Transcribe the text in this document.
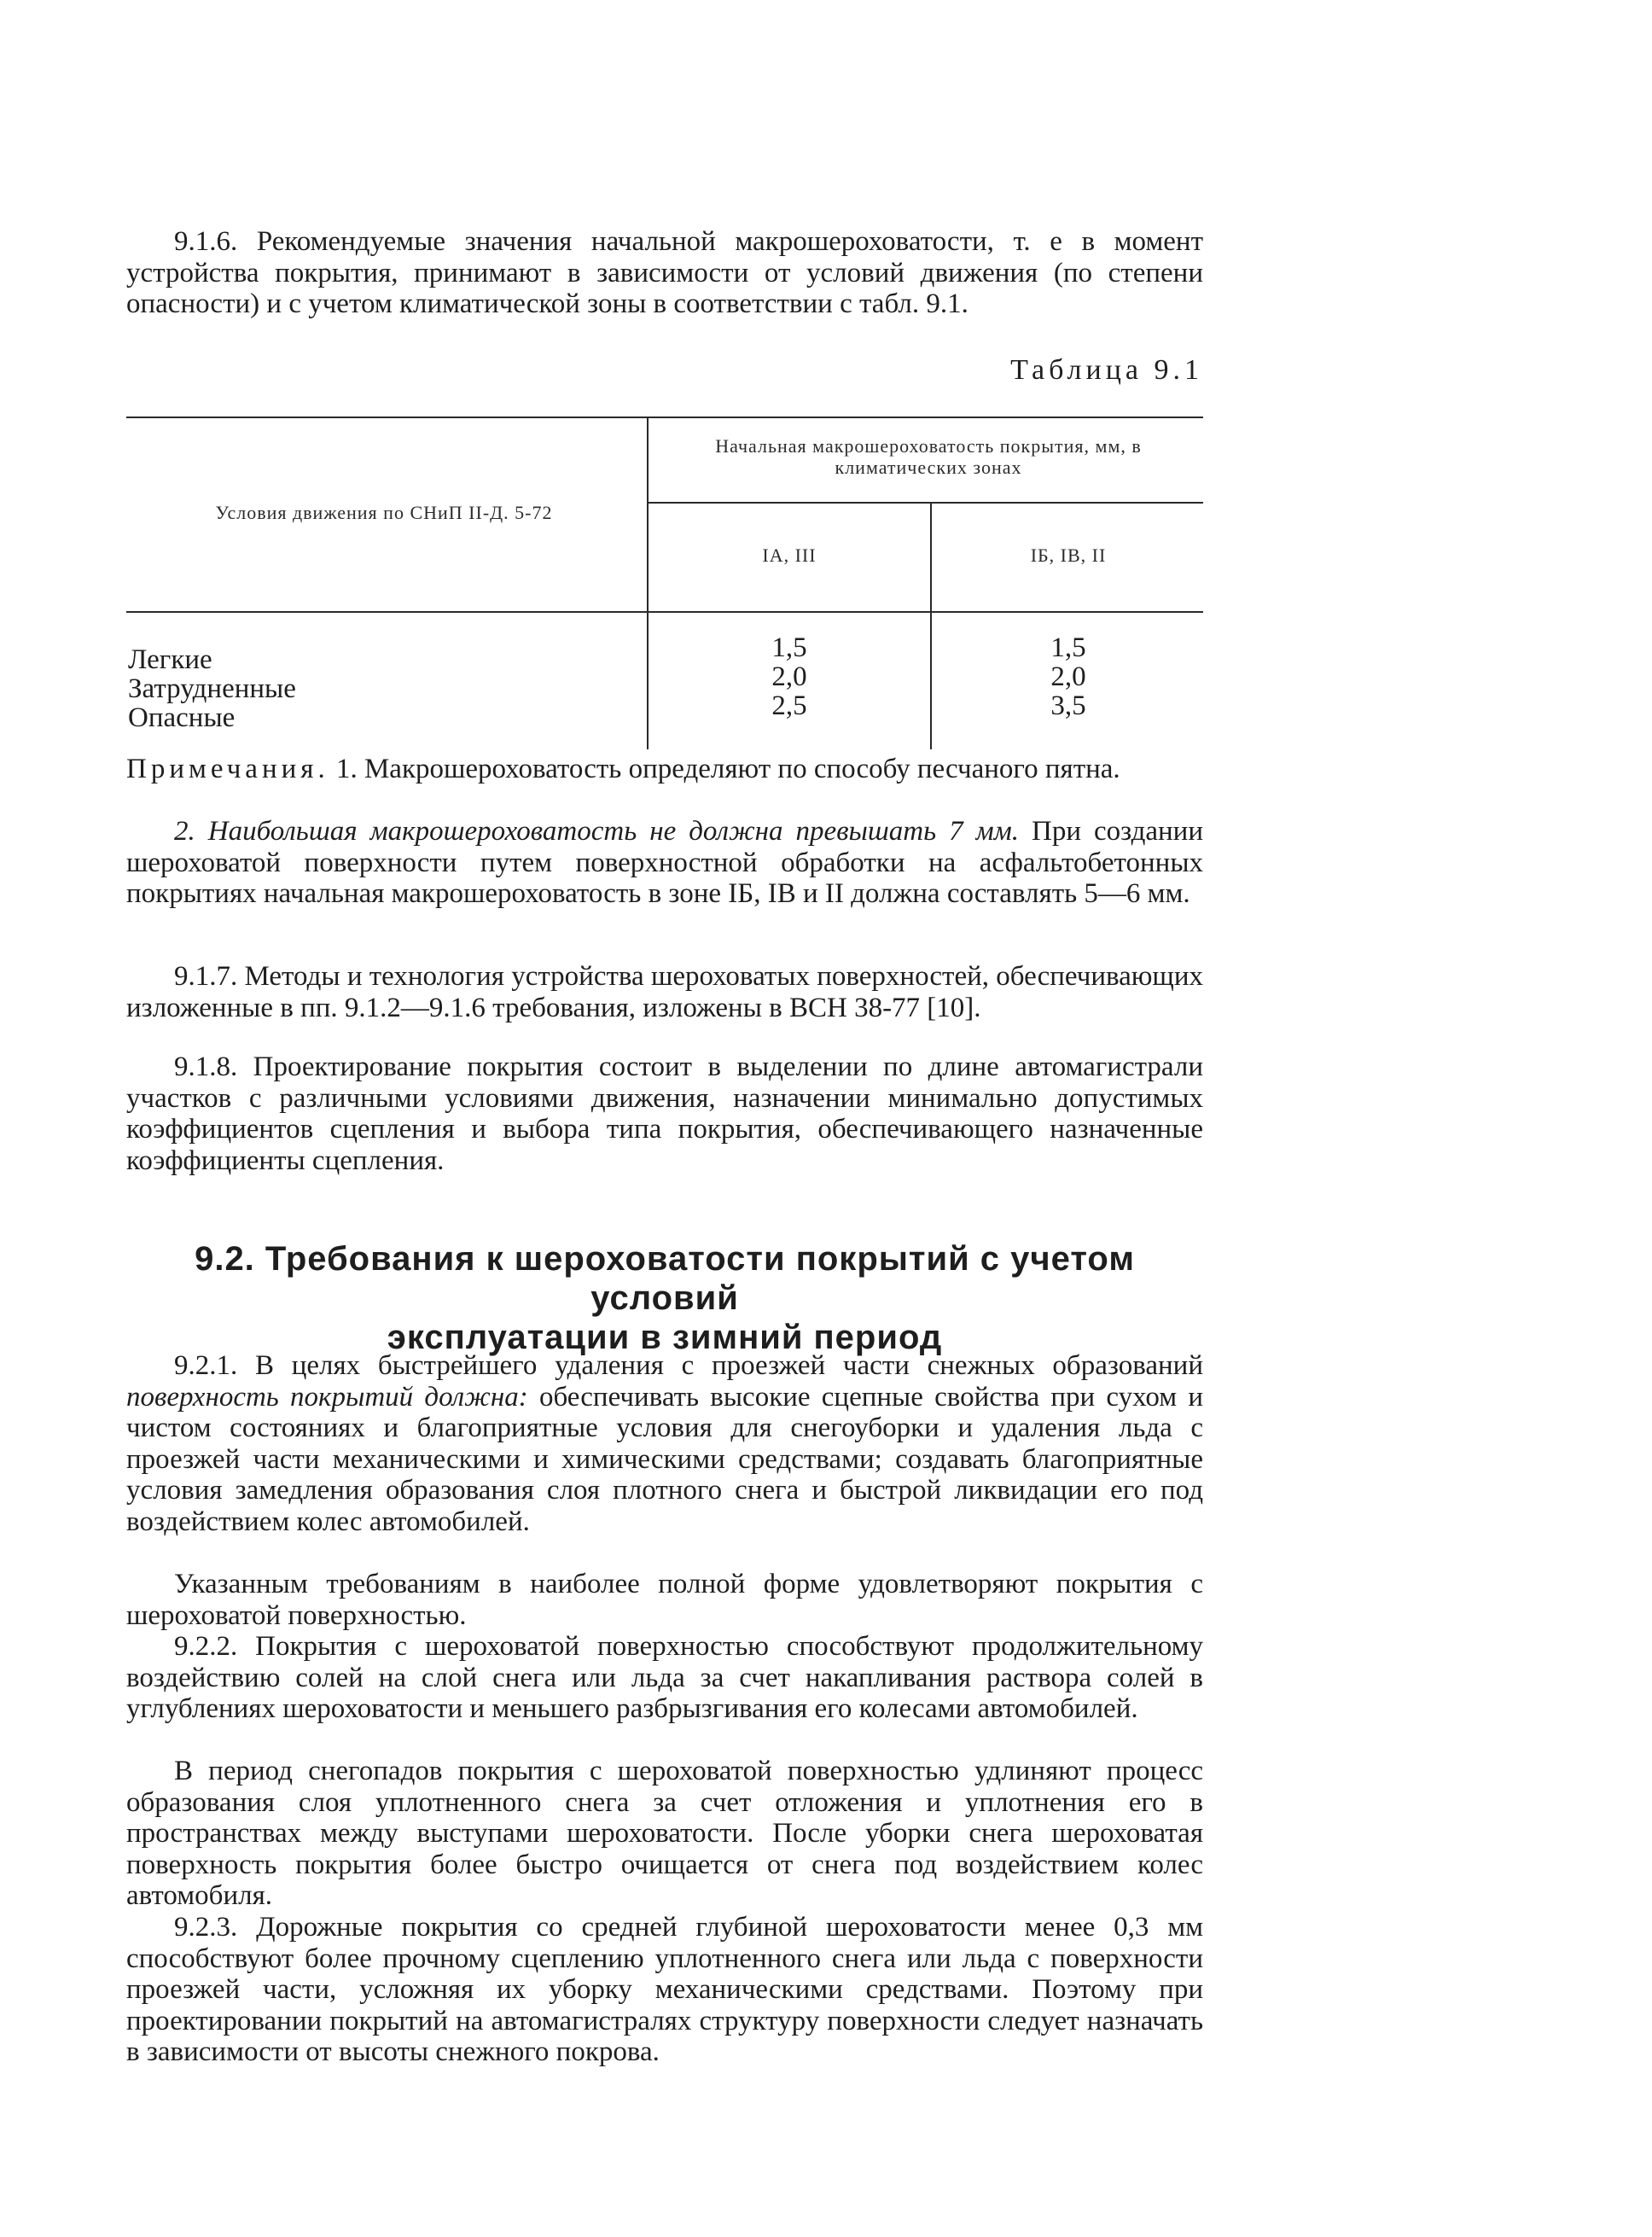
9.1.6. Рекомендуемые значения начальной макрошероховатости, т. е в момент устройства покрытия, принимают в зависимости от условий движения (по степени опасности) и с учетом климатической зоны в соответствии с табл. 9.1.

Таблица 9.1
Условия движения по СНиП II-Д. 5-72
Начальная макрошероховатость покрытия, мм, в климатических зонах
IА, III	IБ, IВ, II
Легкие
Затрудненные
Опасные
1,5
2,0
2,5
1,5
2,0
3,5

Примечания. 1. Макрошероховатость определяют по способу песчаного пятна.

2. Наибольшая макрошероховатость не должна превышать 7 мм. При создании шероховатой поверхности путем поверхностной обработки на асфальтобетонных покрытиях начальная макрошероховатость в зоне IБ, IВ и II должна составлять 5—6 мм.

9.1.7. Методы и технология устройства шероховатых поверхностей, обеспечивающих изложенные в пп. 9.1.2—9.1.6 требования, изложены в ВСН 38-77 [10].

9.1.8. Проектирование покрытия состоит в выделении по длине автомагистрали участков с различными условиями движения, назначении минимально допустимых коэффициентов сцепления и выбора типа покрытия, обеспечивающего назначенные коэффициенты сцепления.

9.2. Требования к шероховатости покрытий с учетом условий
эксплуатации в зимний период

9.2.1. В целях быстрейшего удаления с проезжей части снежных образований поверхность покрытий должна: обеспечивать высокие сцепные свойства при сухом и чистом состояниях и благоприятные условия для снегоуборки и удаления льда с проезжей части механическими и химическими средствами; создавать благоприятные условия замедления образования слоя плотного снега и быстрой ликвидации его под воздействием колес автомобилей.

Указанным требованиям в наиболее полной форме удовлетворяют покрытия с шероховатой поверхностью.

9.2.2. Покрытия с шероховатой поверхностью способствуют продолжительному воздействию солей на слой снега или льда за счет накапливания раствора солей в углублениях шероховатости и меньшего разбрызгивания его колесами автомобилей.

В период снегопадов покрытия с шероховатой поверхностью удлиняют процесс образования слоя уплотненного снега за счет отложения и уплотнения его в пространствах между выступами шероховатости. После уборки снега шероховатая поверхность покрытия более быстро очищается от снега под воздействием колес автомобиля.

9.2.3. Дорожные покрытия со средней глубиной шероховатости менее 0,3 мм способствуют более прочному сцеплению уплотненного снега или льда с поверхности проезжей части, усложняя их уборку механическими средствами. Поэтому при проектировании покрытий на автомагистралях структуру поверхности следует назначать в зависимости от высоты снежного покрова.
